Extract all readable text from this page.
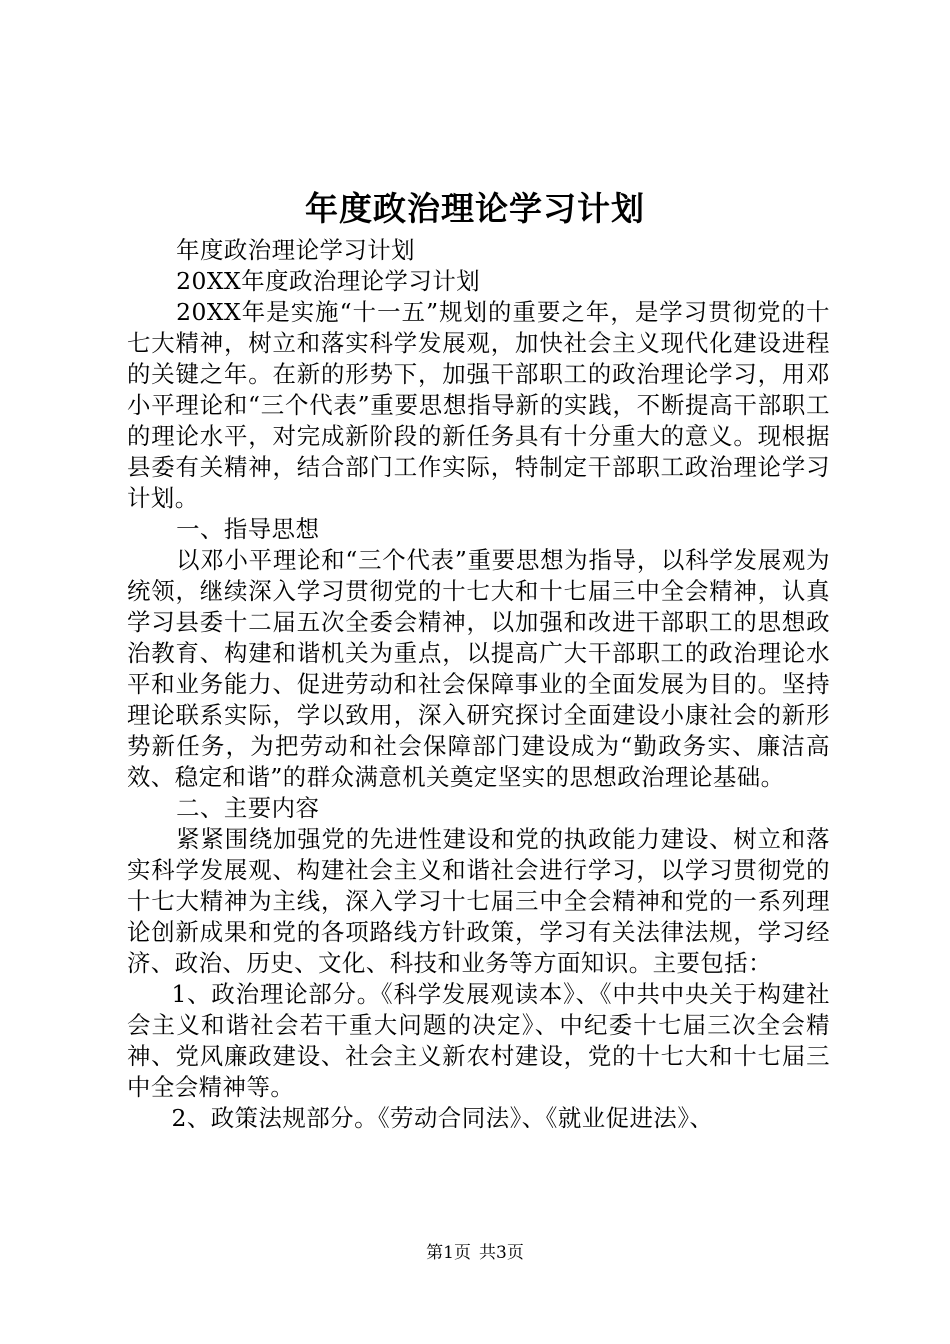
年度政治理论学习计划

年度政治理论学习计划

20XX年度政治理论学习计划

20XX年是实施“十一五”规划的重要之年，是学习贯彻党的十七大精神，树立和落实科学发展观，加快社会主义现代化建设进程的关键之年。在新的形势下，加强干部职工的政治理论学习，用邓小平理论和“三个代表”重要思想指导新的实践，不断提高干部职工的理论水平，对完成新阶段的新任务具有十分重大的意义。现根据县委有关精神，结合部门工作实际，特制定干部职工政治理论学习计划。

一、指导思想

以邓小平理论和“三个代表”重要思想为指导，以科学发展观为统领，继续深入学习贯彻党的十七大和十七届三中全会精神，认真学习县委十二届五次全委会精神，以加强和改进干部职工的思想政治教育、构建和谐机关为重点，以提高广大干部职工的政治理论水平和业务能力、促进劳动和社会保障事业的全面发展为目的。坚持理论联系实际，学以致用，深入研究探讨全面建设小康社会的新形势新任务，为把劳动和社会保障部门建设成为“勤政务实、廉洁高效、稳定和谐”的群众满意机关奠定坚实的思想政治理论基础。

二、主要内容

紧紧围绕加强党的先进性建设和党的执政能力建设、树立和落实科学发展观、构建社会主义和谐社会进行学习，以学习贯彻党的十七大精神为主线，深入学习十七届三中全会精神和党的一系列理论创新成果和党的各项路线方针政策，学习有关法律法规，学习经济、政治、历史、文化、科技和业务等方面知识。主要包括：

1、政治理论部分。《科学发展观读本》、《中共中央关于构建社会主义和谐社会若干重大问题的决定》、中纪委十七届三次全会精神、党风廉政建设、社会主义新农村建设，党的十七大和十七届三中全会精神等。

2、政策法规部分。《劳动合同法》、《就业促进法》、

第1页 共3页
